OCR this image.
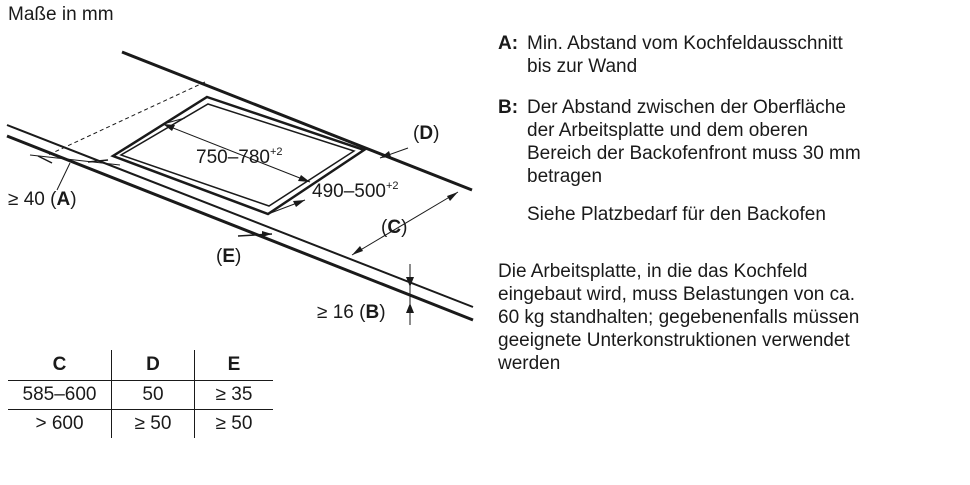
Maße in mm
$750-780^{+2}$
$490-500^{+2}$
≥ 40 (A)
≥ 16 (B)
(C)
(D)
(E)
A: Min. Abstand vom Kochfeldausschnitt
bis zur Wand
B: Der Abstand zwischen der Oberfläche
der Arbeitsplatte und dem oberen
Bereich der Backofenfront muss 30 mm
betragen
Siehe Platzbedarf für den Backofen
Die Arbeitsplatte, in die das Kochfeld
eingebaut wird, muss Belastungen von ca.
60 kg standhalten; gegebenenfalls müssen
geeignete Unterkonstruktionen verwendet
werden
C	D	E
585–600	50	≥ 35
> 600	≥ 50	≥ 50
